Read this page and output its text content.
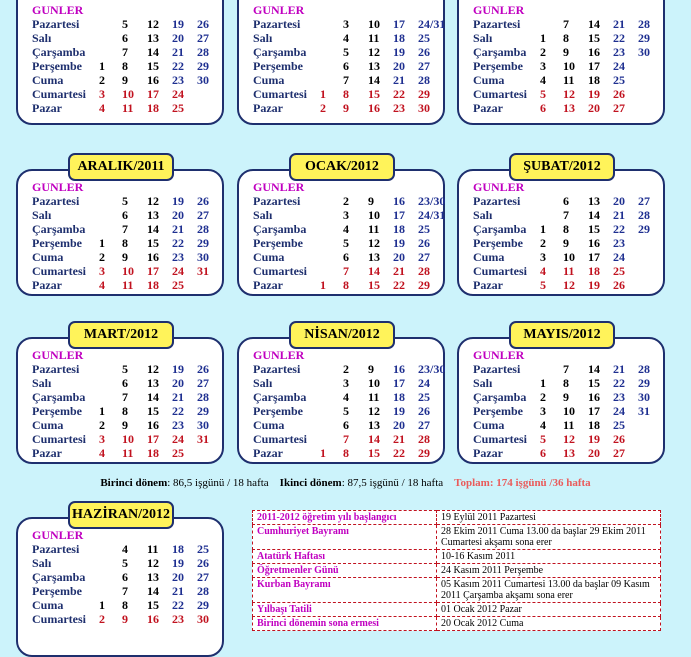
GUNLER
Pazartesi	5 12 19 26
Salı	6 13 20 27
Çarşamba	7 14 21 28
Perşembe 1 8 15 22 29
Cuma	2 9 16 23 30
Cumartesi 3 10 17 24
Pazar	4 11 18 25
GUNLER
Pazartesi	3 10 17 24/31
Salı	4 11 18 25
Çarşamba	5 12 19 26
Perşembe	6 13 20 27
Cuma	7 14 21 28
Cumartesi 1 8 15 22 29
Pazar	2 9 16 23 30
GUNLER
Pazartesi	7 14 21 28
Salı	1 8 15 22 29
Çarşamba 2 9 16 23 30
Perşembe 3 10 17 24
Cuma	4 11 18 25
Cumartesi 5 12 19 26
Pazar	6 13 20 27
ARALIK/2011
GUNLER
Pazartesi	5 12 19 26
Salı	6 13 20 27
Çarşamba	7 14 21 28
Perşembe 1 8 15 22 29
Cuma	2 9 16 23 30
Cumartesi 3 10 17 24 31
Pazar	4 11 18 25
OCAK/2012
GUNLER
Pazartesi	2 9 16 23/30
Salı	3 10 17 24/31
Çarşamba	4 11 18 25
Perşembe	5 12 19 26
Cuma	6 13 20 27
Cumartesi	7 14 21 28
Pazar	1 8 15 22 29
ŞUBAT/2012
GUNLER
Pazartesi	6 13 20 27
Salı	7 14 21 28
Çarşamba 1 8 15 22 29
Perşembe 2 9 16 23
Cuma	3 10 17 24
Cumartesi 4 11 18 25
Pazar	5 12 19 26
MART/2012
GUNLER
Pazartesi	5 12 19 26
Salı	6 13 20 27
Çarşamba	7 14 21 28
Perşembe 1 8 15 22 29
Cuma	2 9 16 23 30
Cumartesi 3 10 17 24 31
Pazar	4 11 18 25
NİSAN/2012
GUNLER
Pazartesi	2 9 16 23/30
Salı	3 10 17 24
Çarşamba	4 11 18 25
Perşembe	5 12 19 26
Cuma	6 13 20 27
Cumartesi	7 14 21 28
Pazar	1 8 15 22 29
MAYIS/2012
GUNLER
Pazartesi	7 14 21 28
Salı	1 8 15 22 29
Çarşamba 2 9 16 23 30
Perşembe 3 10 17 24 31
Cuma	4 11 18 25
Cumartesi 5 12 19 26
Pazar	6 13 20 27
HAZİRAN/2012
GUNLER
Pazartesi	4 11 18 25
Salı	5 12 19 26
Çarşamba	6 13 20 27
Perşembe	7 14 21 28
Cuma	1 8 15 22 29
Cumartesi 2 9 16 23 30
Birinci dönem: 86,5 işgünü / 18 hafta Ikinci dönem: 87,5 işgünü / 18 hafta Toplam: 174 işgünü /36 hafta
2011-2012 öğretim yılı başlangıcı	19 Eylül 2011 Pazartesi
Cumhuriyet Bayramı	28 Ekim 2011 Cuma 13.00 da başlar 29 Ekim 2011 Cumartesi akşamı sona erer
Atatürk Haftası	10-16 Kasım 2011
Öğretmenler Günü	24 Kasım 2011 Perşembe
Kurban Bayramı	05 Kasım 2011 Cumartesi 13.00 da başlar 09 Kasım 2011 Çarşamba akşamı sona erer
Yılbaşı Tatili	01 Ocak 2012 Pazar
Birinci dönemin sona ermesi	20 Ocak 2012 Cuma
